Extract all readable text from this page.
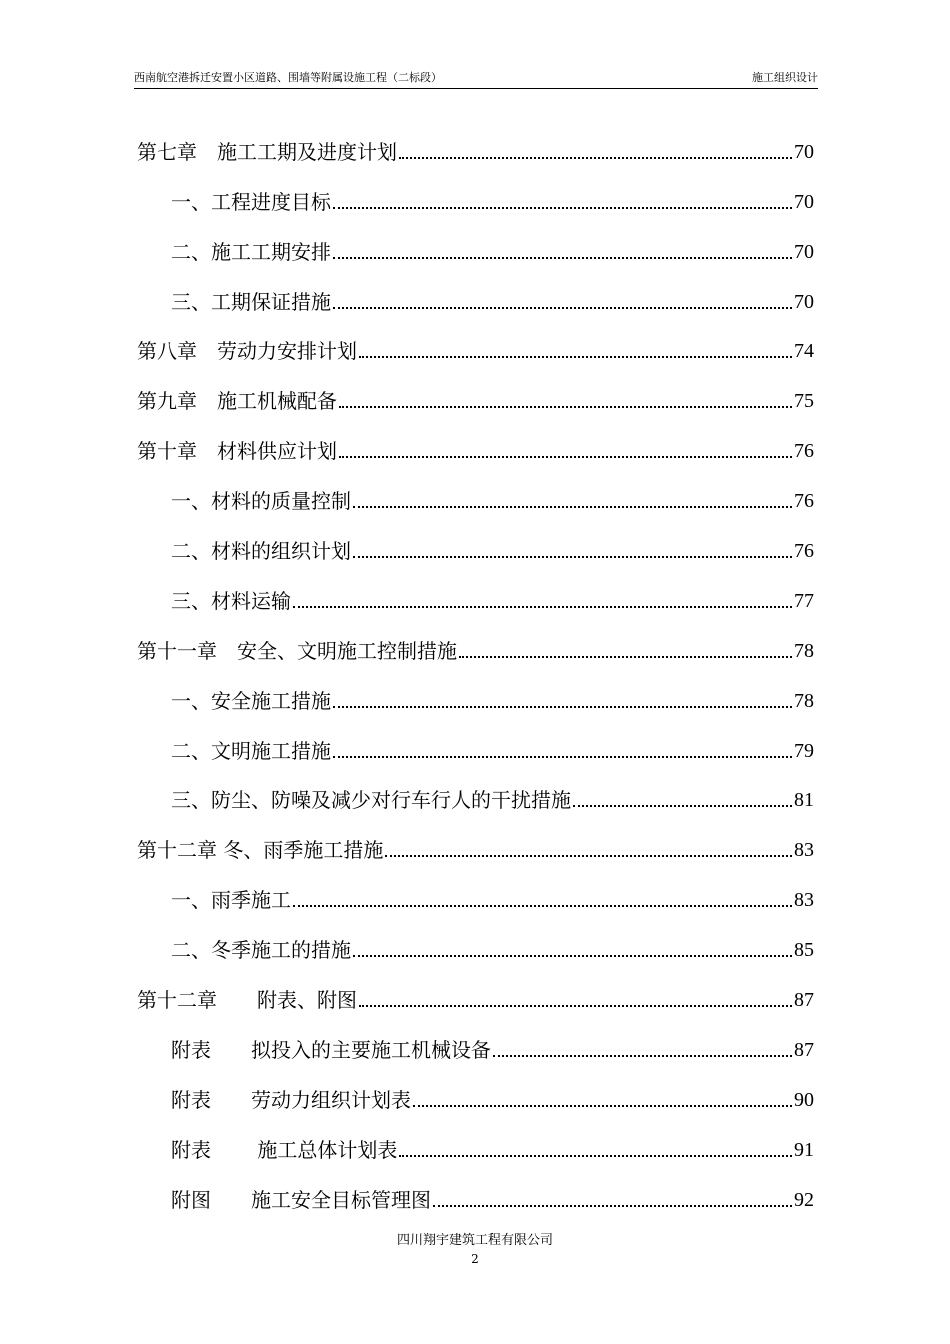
西南航空港拆迁安置小区道路、围墙等附属设施工程（二标段）	施工组织设计
第七章　施工工期及进度计划	70
一、工程进度目标	70
二、施工工期安排	70
三、工期保证措施	70
第八章　劳动力安排计划	74
第九章　施工机械配备	75
第十章　材料供应计划	76
一、材料的质量控制	76
二、材料的组织计划	76
三、材料运输	77
第十一章　安全、文明施工控制措施	78
一、安全施工措施	78
二、文明施工措施	79
三、防尘、防噪及减少对行车行人的干扰措施	81
第十二章 冬、雨季施工措施	83
一、雨季施工	83
二、冬季施工的措施	85
第十二章　　附表、附图	87
附表　　拟投入的主要施工机械设备	87
附表　　劳动力组织计划表	90
附表　　 施工总体计划表	91
附图　　施工安全目标管理图	92
四川翔宇建筑工程有限公司
2
